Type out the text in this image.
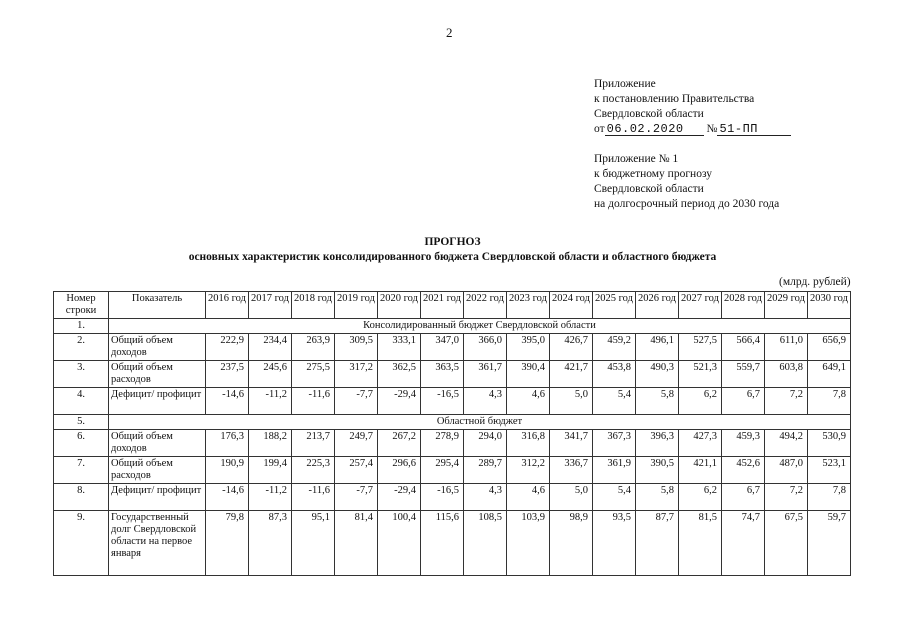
2
Приложение
к постановлению Правительства
Свердловской области
от 06.02.2020 № 51-ПП
Приложение № 1
к бюджетному прогнозу
Свердловской области
на долгосрочный период до 2030 года
ПРОГНОЗ
основных характеристик консолидированного бюджета Свердловской области и областного бюджета
(млрд. рублей)
Номер строки	Показатель	2016 год	2017 год	2018 год	2019 год	2020 год	2021 год	2022 год	2023 год	2024 год	2025 год	2026 год	2027 год	2028 год	2029 год	2030 год
1.	Консолидированный бюджет Свердловской области															
2.	Общий объем доходов	222,9	234,4	263,9	309,5	333,1	347,0	366,0	395,0	426,7	459,2	496,1	527,5	566,4	611,0	656,9
3.	Общий объем расходов	237,5	245,6	275,5	317,2	362,5	363,5	361,7	390,4	421,7	453,8	490,3	521,3	559,7	603,8	649,1
4.	Дефицит/ профицит	-14,6	-11,2	-11,6	-7,7	-29,4	-16,5	4,3	4,6	5,0	5,4	5,8	6,2	6,7	7,2	7,8
5.	Областной бюджет															
6.	Общий объем доходов	176,3	188,2	213,7	249,7	267,2	278,9	294,0	316,8	341,7	367,3	396,3	427,3	459,3	494,2	530,9
7.	Общий объем расходов	190,9	199,4	225,3	257,4	296,6	295,4	289,7	312,2	336,7	361,9	390,5	421,1	452,6	487,0	523,1
8.	Дефицит/ профицит	-14,6	-11,2	-11,6	-7,7	-29,4	-16,5	4,3	4,6	5,0	5,4	5,8	6,2	6,7	7,2	7,8
9.	Государственный долг Свердловской области на первое января	79,8	87,3	95,1	81,4	100,4	115,6	108,5	103,9	98,9	93,5	87,7	81,5	74,7	67,5	59,7
